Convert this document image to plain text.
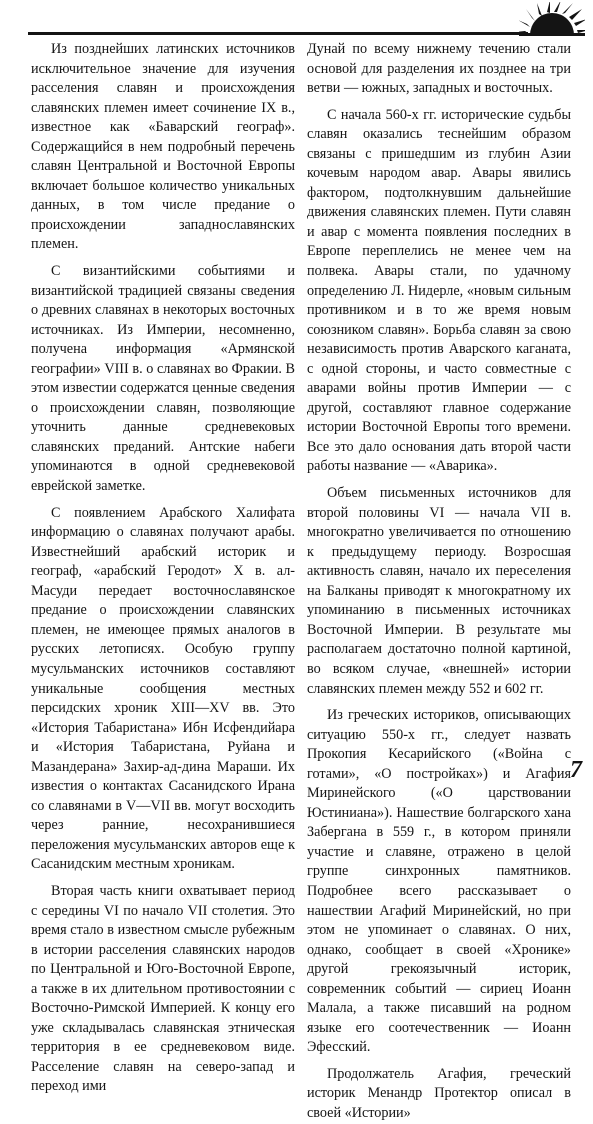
Из позднейших латинских источников исключительное значение для изучения расселения славян и происхождения славянских племен имеет сочинение IX в., известное как «Баварский географ». Содержащийся в нем подробный перечень славян Центральной и Восточной Европы включает большое количество уникальных данных, в том числе предание о происхождении западнославянских племен.

С византийскими событиями и византийской традицией связаны сведения о древних славянах в некоторых восточных источниках. Из Империи, несомненно, получена информация «Армянской географии» VIII в. о славянах во Фракии. В этом известии содержатся ценные сведения о происхождении славян, позволяющие уточнить данные средневековых славянских преданий. Антские набеги упоминаются в одной средневековой еврейской заметке.

С появлением Арабского Халифата информацию о славянах получают арабы. Известнейший арабский историк и географ, «арабский Геродот» Х в. ал-Масуди передает восточнославянское предание о происхождении славянских племен, не имеющее прямых аналогов в русских летописях. Особую группу мусульманских источников составляют уникальные сообщения местных персидских хроник XIII—XV вв. Это «История Табаристана» Ибн Исфендийара и «История Табаристана, Руйана и Мазандерана» Захир-ад-дина Мараши. Их известия о контактах Сасанидского Ирана со славянами в V—VII вв. могут восходить через ранние, несохранившиеся переложения мусульманских авторов еще к Сасанидским местным хроникам.

Вторая часть книги охватывает период с середины VI по начало VII столетия. Это время стало в известном смысле рубежным в истории расселения славянских народов по Центральной и Юго-Восточной Европе, а также в их длительном противостоянии с Восточно-Римской Империей. К концу его уже складывалась славянская этническая территория в ее средневековом виде. Расселение славян на северо-запад и переход ими

Дунай по всему нижнему течению стали основой для разделения их позднее на три ветви — южных, западных и восточных.

С начала 560-х гг. исторические судьбы славян оказались теснейшим образом связаны с пришедшим из глубин Азии кочевым народом авар. Авары явились фактором, подтолкнувшим дальнейшие движения славянских племен. Пути славян и авар с момента появления последних в Европе переплелись не менее чем на полвека. Авары стали, по удачному определению Л. Нидерле, «новым сильным противником и в то же время новым союзником славян». Борьба славян за свою независимость против Аварского каганата, с одной стороны, и часто совместные с аварами войны против Империи — с другой, составляют главное содержание истории Восточной Европы того времени. Все это дало основания дать второй части работы название — «Аварика».

Объем письменных источников для второй половины VI — начала VII в. многократно увеличивается по отношению к предыдущему периоду. Возросшая активность славян, начало их переселения на Балканы приводят к многократному их упоминанию в письменных источниках Восточной Империи. В результате мы располагаем достаточно полной картиной, во всяком случае, «внешней» истории славянских племен между 552 и 602 гг.

Из греческих историков, описывающих ситуацию 550-х гг., следует назвать Прокопия Кесарийского («Война с готами», «О постройках») и Агафия Миринейского («О царствовании Юстиниана»). Нашествие болгарского хана Забергана в 559 г., в котором приняли участие и славяне, отражено в целой группе синхронных памятников. Подробнее всего рассказывает о нашествии Агафий Миринейский, но при этом не упоминает о славянах. О них, однако, сообщает в своей «Хронике» другой грекоязычный историк, современник событий — сириец Иоанн Малала, а также писавший на родном языке его соотечественник — Иоанн Эфесский.

Продолжатель Агафия, греческий историк Менандр Протектор описал в своей «Истории»

7
